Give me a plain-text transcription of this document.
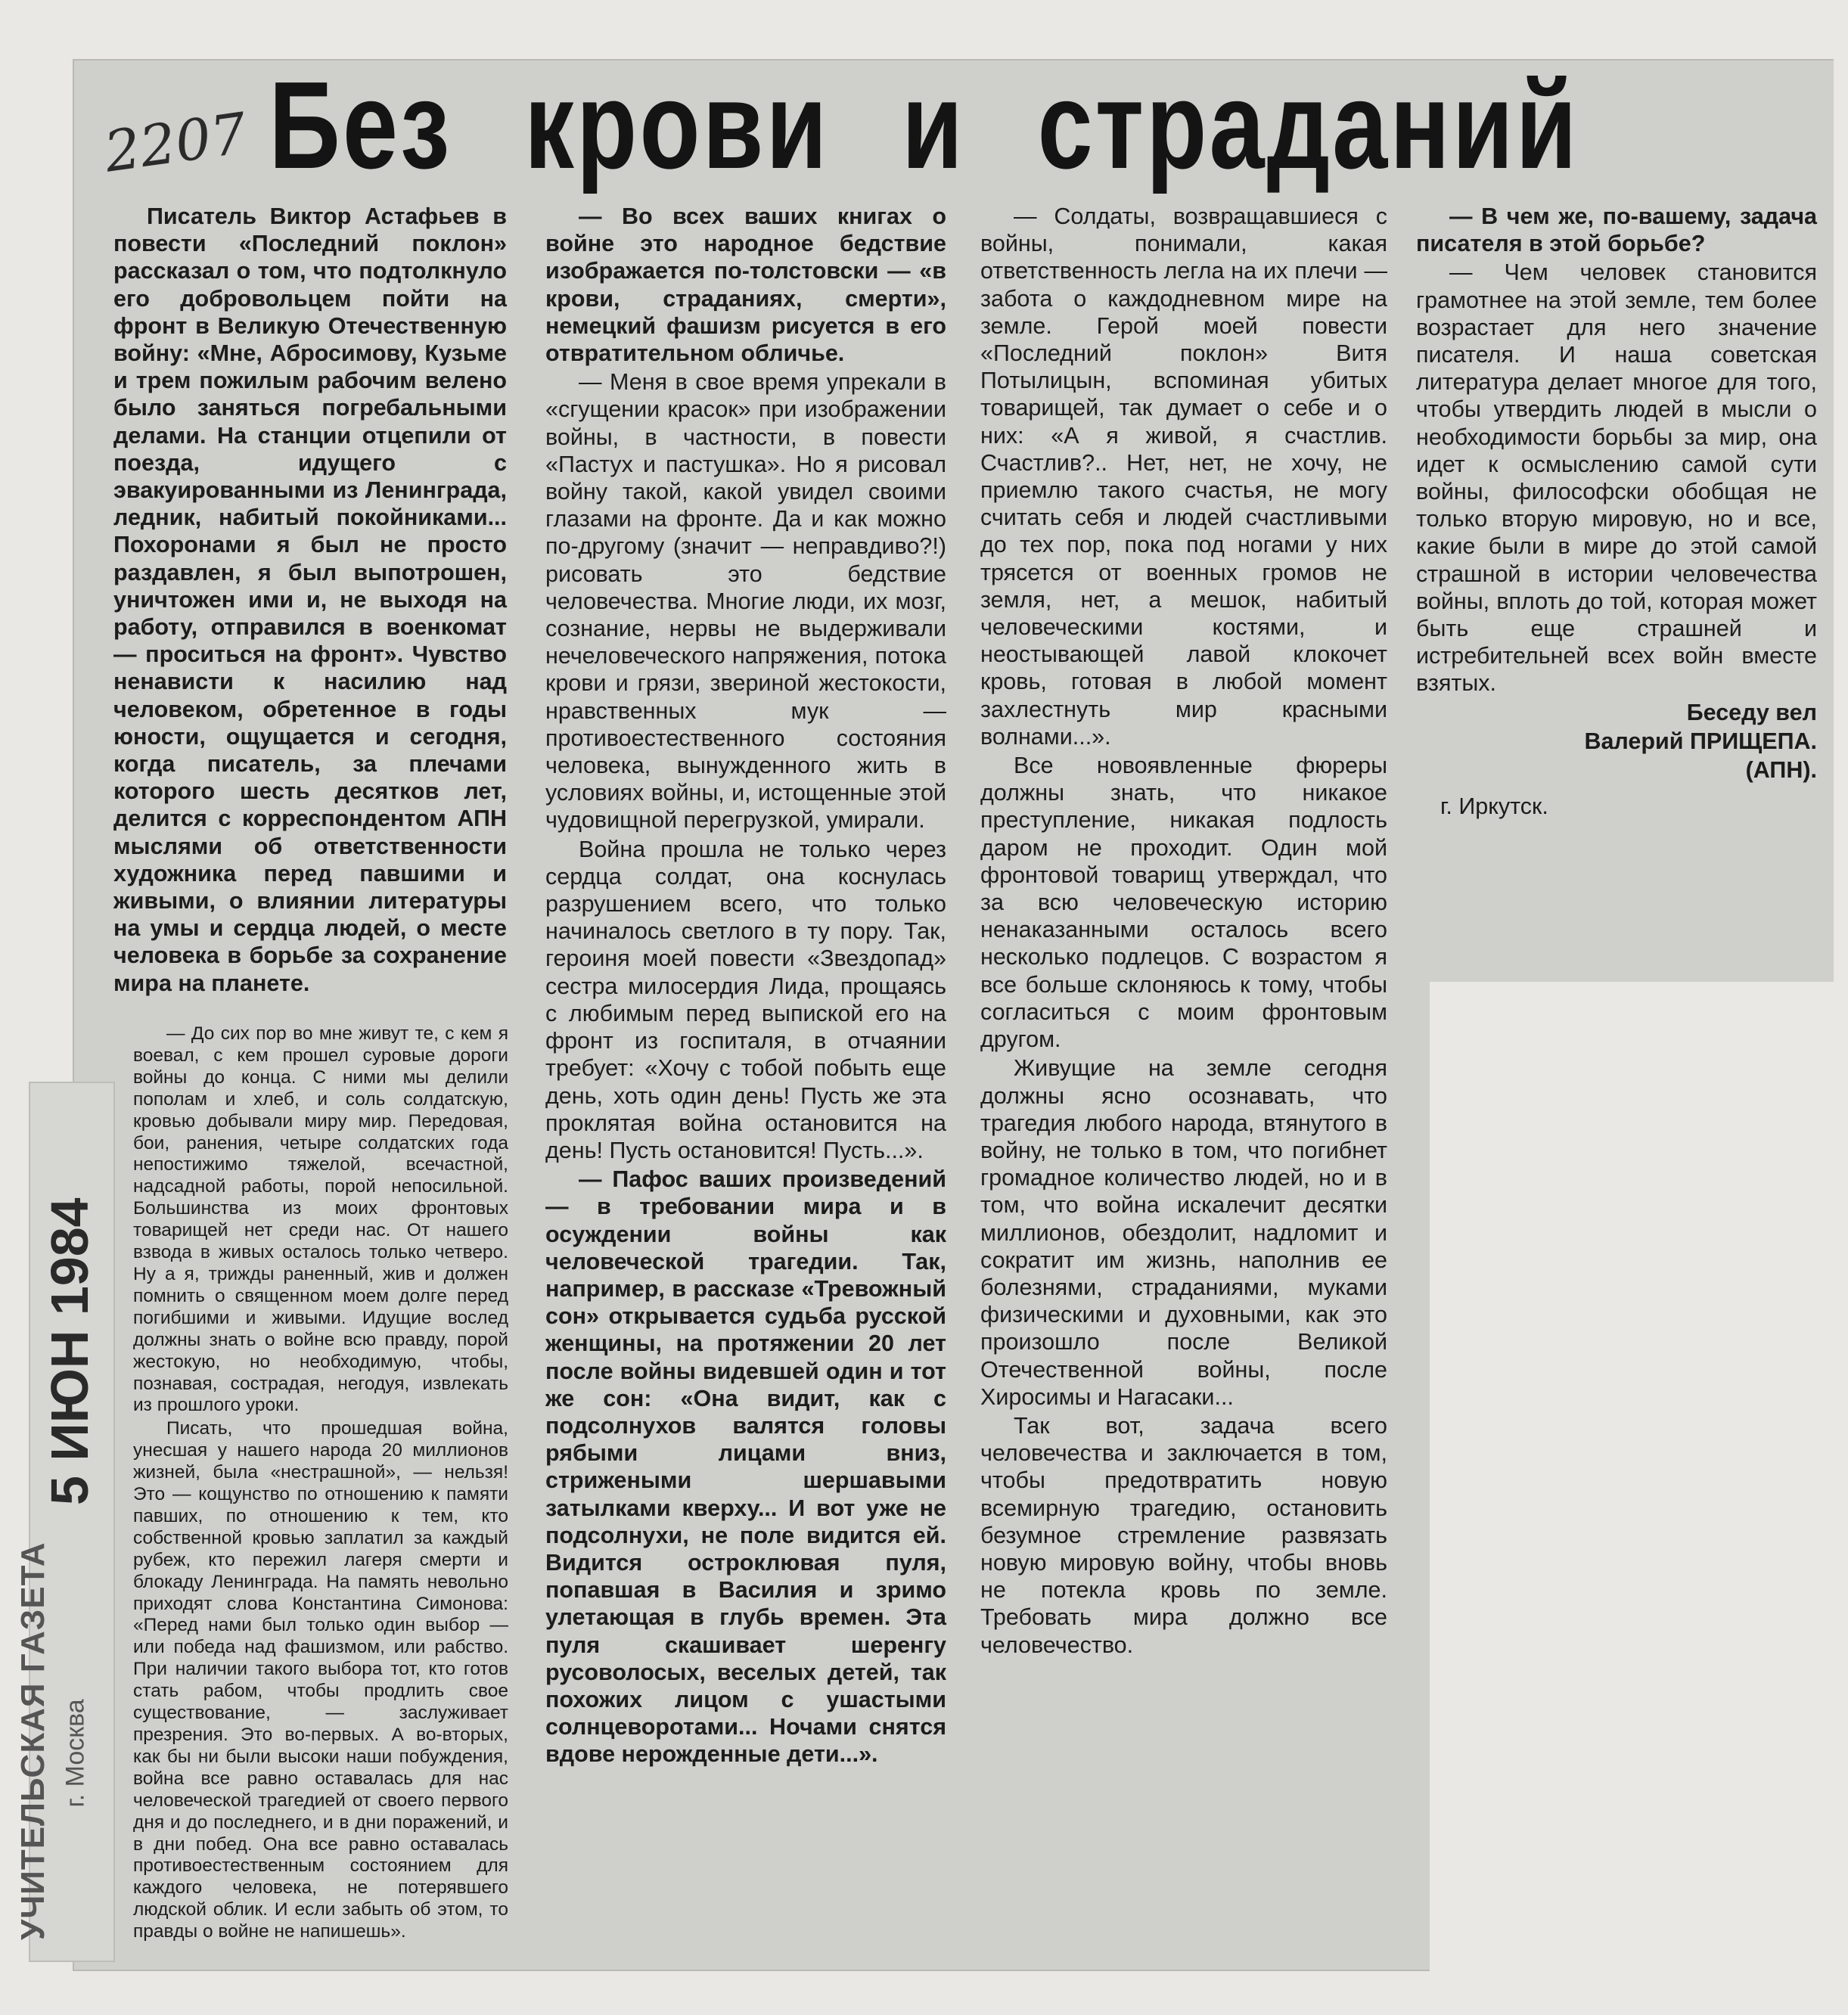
2207 Без крови и страданий

Писатель Виктор Астафьев в повести «Последний поклон» рассказал о том, что подтолкнуло его добровольцем пойти на фронт в Великую Отечественную войну: «Мне, Абросимову, Кузьме и трем пожилым рабочим велено было заняться погребальными делами. На станции отцепили от поезда, идущего с эвакуированными из Ленинграда, ледник, набитый покойниками... Похоронами я был не просто раздавлен, я был выпотрошен, уничтожен ими и, не выходя на работу, отправился в военкомат — проситься на фронт». Чувство ненависти к насилию над человеком, обретенное в годы юности, ощущается и сегодня, когда писатель, за плечами которого шесть десятков лет, делится с корреспондентом АПН мыслями об ответственности художника перед павшими и живыми, о влиянии литературы на умы и сердца людей, о месте человека в борьбе за сохранение мира на планете.

— До сих пор во мне живут те, с кем я воевал, с кем прошел суровые дороги войны до конца. С ними мы делили пополам и хлеб, и соль солдатскую, кровью добывали миру мир. Передовая, бои, ранения, четыре солдатских года непостижимо тяжелой, всечастной, надсадной работы, порой непосильной. Большинства из моих фронтовых товарищей нет среди нас. От нашего взвода в живых осталось только четверо. Ну а я, трижды раненный, жив и должен помнить о священном моем долге перед погибшими и живыми. Идущие вослед должны знать о войне всю правду, порой жестокую, но необходимую, чтобы, познавая, сострадая, негодуя, извлекать из прошлого уроки.

Писать, что прошедшая война, унесшая у нашего народа 20 миллионов жизней, была «нестрашной», — нельзя! Это — кощунство по отношению к памяти павших, по отношению к тем, кто собственной кровью заплатил за каждый рубеж, кто пережил лагеря смерти и блокаду Ленинграда. На память невольно приходят слова Константина Симонова: «Перед нами был только один выбор — или победа над фашизмом, или рабство. При наличии такого выбора тот, кто готов стать рабом, чтобы продлить свое существование, — заслуживает презрения. Это во-первых. А во-вторых, как бы ни были высоки наши побуждения, война все равно оставалась для нас человеческой трагедией от своего первого дня и до последнего, и в дни поражений, и в дни побед. Она все равно оставалась противоестественным состоянием для каждого человека, не потерявшего людской облик. И если забыть об этом, то правды о войне не напишешь».

— Во всех ваших книгах о войне это народное бедствие изображается по-толстовски — «в крови, страданиях, смерти», немецкий фашизм рисуется в его отвратительном обличье.

— Меня в свое время упрекали в «сгущении красок» при изображении войны, в частности, в повести «Пастух и пастушка». Но я рисовал войну такой, какой увидел своими глазами на фронте. Да и как можно по-другому (значит — неправдиво?!) рисовать это бедствие человечества. Многие люди, их мозг, сознание, нервы не выдерживали нечеловеческого напряжения, потока крови и грязи, звериной жестокости, нравственных мук — противоестественного состояния человека, вынужденного жить в условиях войны, и, истощенные этой чудовищной перегрузкой, умирали.

Война прошла не только через сердца солдат, она коснулась разрушением всего, что только начиналось светлого в ту пору. Так, героиня моей повести «Звездопад» сестра милосердия Лида, прощаясь с любимым перед выпиской его на фронт из госпиталя, в отчаянии требует: «Хочу с тобой побыть еще день, хоть один день! Пусть же эта проклятая война остановится на день! Пусть остановится! Пусть...».

— Пафос ваших произведений — в требовании мира и в осуждении войны как человеческой трагедии. Так, например, в рассказе «Тревожный сон» открывается судьба русской женщины, на протяжении 20 лет после войны видевшей один и тот же сон: «Она видит, как с подсолнухов валятся головы рябыми лицами вниз, стрижеными шершавыми затылками кверху... И вот уже не подсолнухи, не поле видится ей. Видится остроклювая пуля, попавшая в Василия и зримо улетающая в глубь времен. Эта пуля скашивает шеренгу русоволосых, веселых детей, так похожих лицом с ушастыми солнцеворотами... Ночами снятся вдове нерожденные дети...».

— Солдаты, возвращавшиеся с войны, понимали, какая ответственность легла на их плечи — забота о каждодневном мире на земле. Герой моей повести «Последний поклон» Витя Потылицын, вспоминая убитых товарищей, так думает о себе и о них: «А я живой, я счастлив. Счастлив?.. Нет, нет, не хочу, не приемлю такого счастья, не могу считать себя и людей счастливыми до тех пор, пока под ногами у них трясется от военных громов не земля, нет, а мешок, набитый человеческими костями, и неостывающей лавой клокочет кровь, готовая в любой момент захлестнуть мир красными волнами...».

Все новоявленные фюреры должны знать, что никакое преступление, никакая подлость даром не проходит. Один мой фронтовой товарищ утверждал, что за всю человеческую историю ненаказанными осталось всего несколько подлецов. С возрастом я все больше склоняюсь к тому, чтобы согласиться с моим фронтовым другом.

Живущие на земле сегодня должны ясно осознавать, что трагедия любого народа, втянутого в войну, не только в том, что погибнет громадное количество людей, но и в том, что война искалечит десятки миллионов, обездолит, надломит и сократит им жизнь, наполнив ее болезнями, страданиями, муками физическими и духовными, как это произошло после Великой Отечественной войны, после Хиросимы и Нагасаки...

Так вот, задача всего человечества и заключается в том, чтобы предотвратить новую всемирную трагедию, остановить безумное стремление развязать новую мировую войну, чтобы вновь не потекла кровь по земле. Требовать мира должно все человечество.

— В чем же, по-вашему, задача писателя в этой борьбе?

— Чем человек становится грамотнее на этой земле, тем более возрастает для него значение писателя. И наша советская литература делает многое для того, чтобы утвердить людей в мысли о необходимости борьбы за мир, она идет к осмыслению самой сути войны, философски обобщая не только вторую мировую, но и все, какие были в мире до этой самой страшной в истории человечества войны, вплоть до той, которая может быть еще страшней и истребительней всех войн вместе взятых.

Беседу вел

Валерий ПРИЩЕПА.

(АПН).

г. Иркутск.

5 ИЮН 1984

УЧИТЕЛЬСКАЯ ГАЗЕТА г. Москва
